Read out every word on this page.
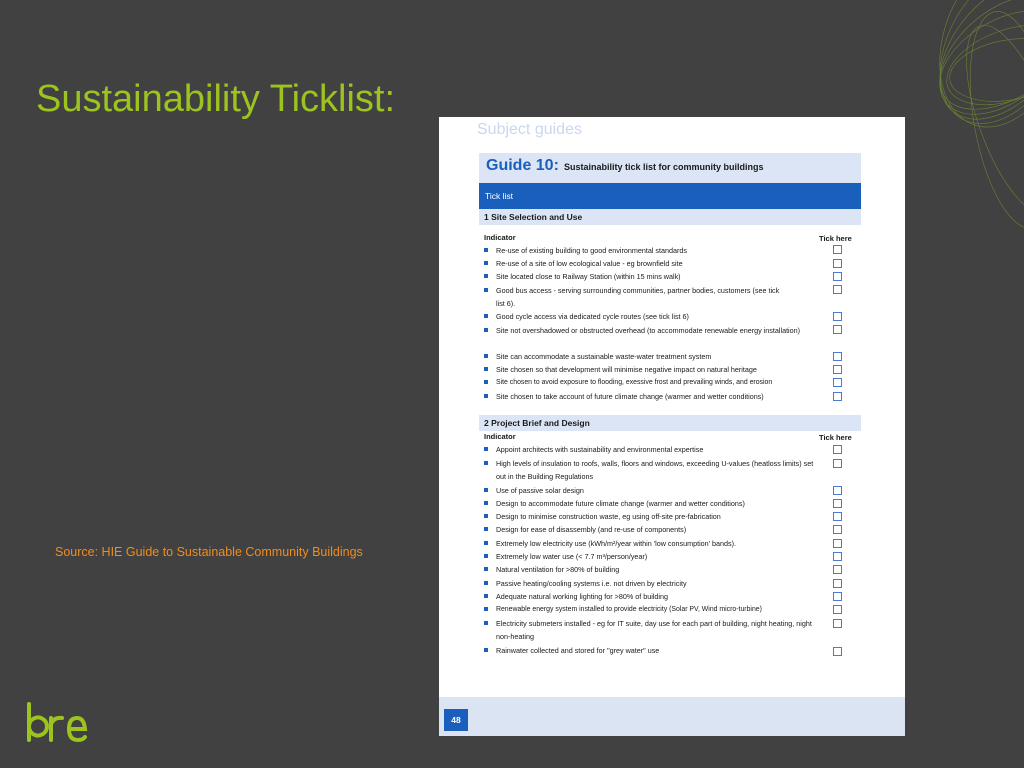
Sustainability Ticklist:
Source: HIE Guide to Sustainable Community Buildings
Subject guides
Guide 10: Sustainability tick list for community buildings
Tick list
1 Site Selection and Use
Indicator	Tick here
Re-use of existing building to good environmental standards
Re-use of a site of low ecological value - eg brownfield site
Site located close to Railway Station (within 15 mins walk)
Good bus access - serving surrounding communities, partner bodies, customers (see tick list 6).
Good cycle access via dedicated cycle routes (see tick list 6)
Site not overshadowed or obstructed overhead (to accommodate renewable energy installation)
Site can accommodate a sustainable waste-water treatment system
Site chosen so that development will minimise negative impact on natural heritage
Site chosen to avoid exposure to flooding, exessive frost and prevailing winds, and erosion
Site chosen to take account of future climate change (warmer and wetter conditions)
2 Project Brief and Design
Indicator	Tick here
Appoint architects with sustainability and environmental expertise
High levels of insulation to roofs, walls, floors and windows, exceeding U-values (heatloss limits) set out in the Building Regulations
Use of passive solar design
Design to accommodate future climate change (warmer and wetter conditions)
Design to minimise construction waste, eg using off-site pre-fabrication
Design for ease of disassembly (and re-use of components)
Extremely low electricity use (kWh/m²/year within 'low consumption' bands).
Extremely low water use (< 7.7 m³/person/year)
Natural ventilation for >80% of building
Passive heating/cooling systems i.e. not driven by electricity
Adequate natural working lighting for >80% of building
Renewable energy system installed to provide electricity (Solar PV, Wind micro-turbine)
Electricity submeters installed - eg for IT suite, day use for each part of building, night heating, night non-heating
Rainwater collected and stored for "grey water" use
48
